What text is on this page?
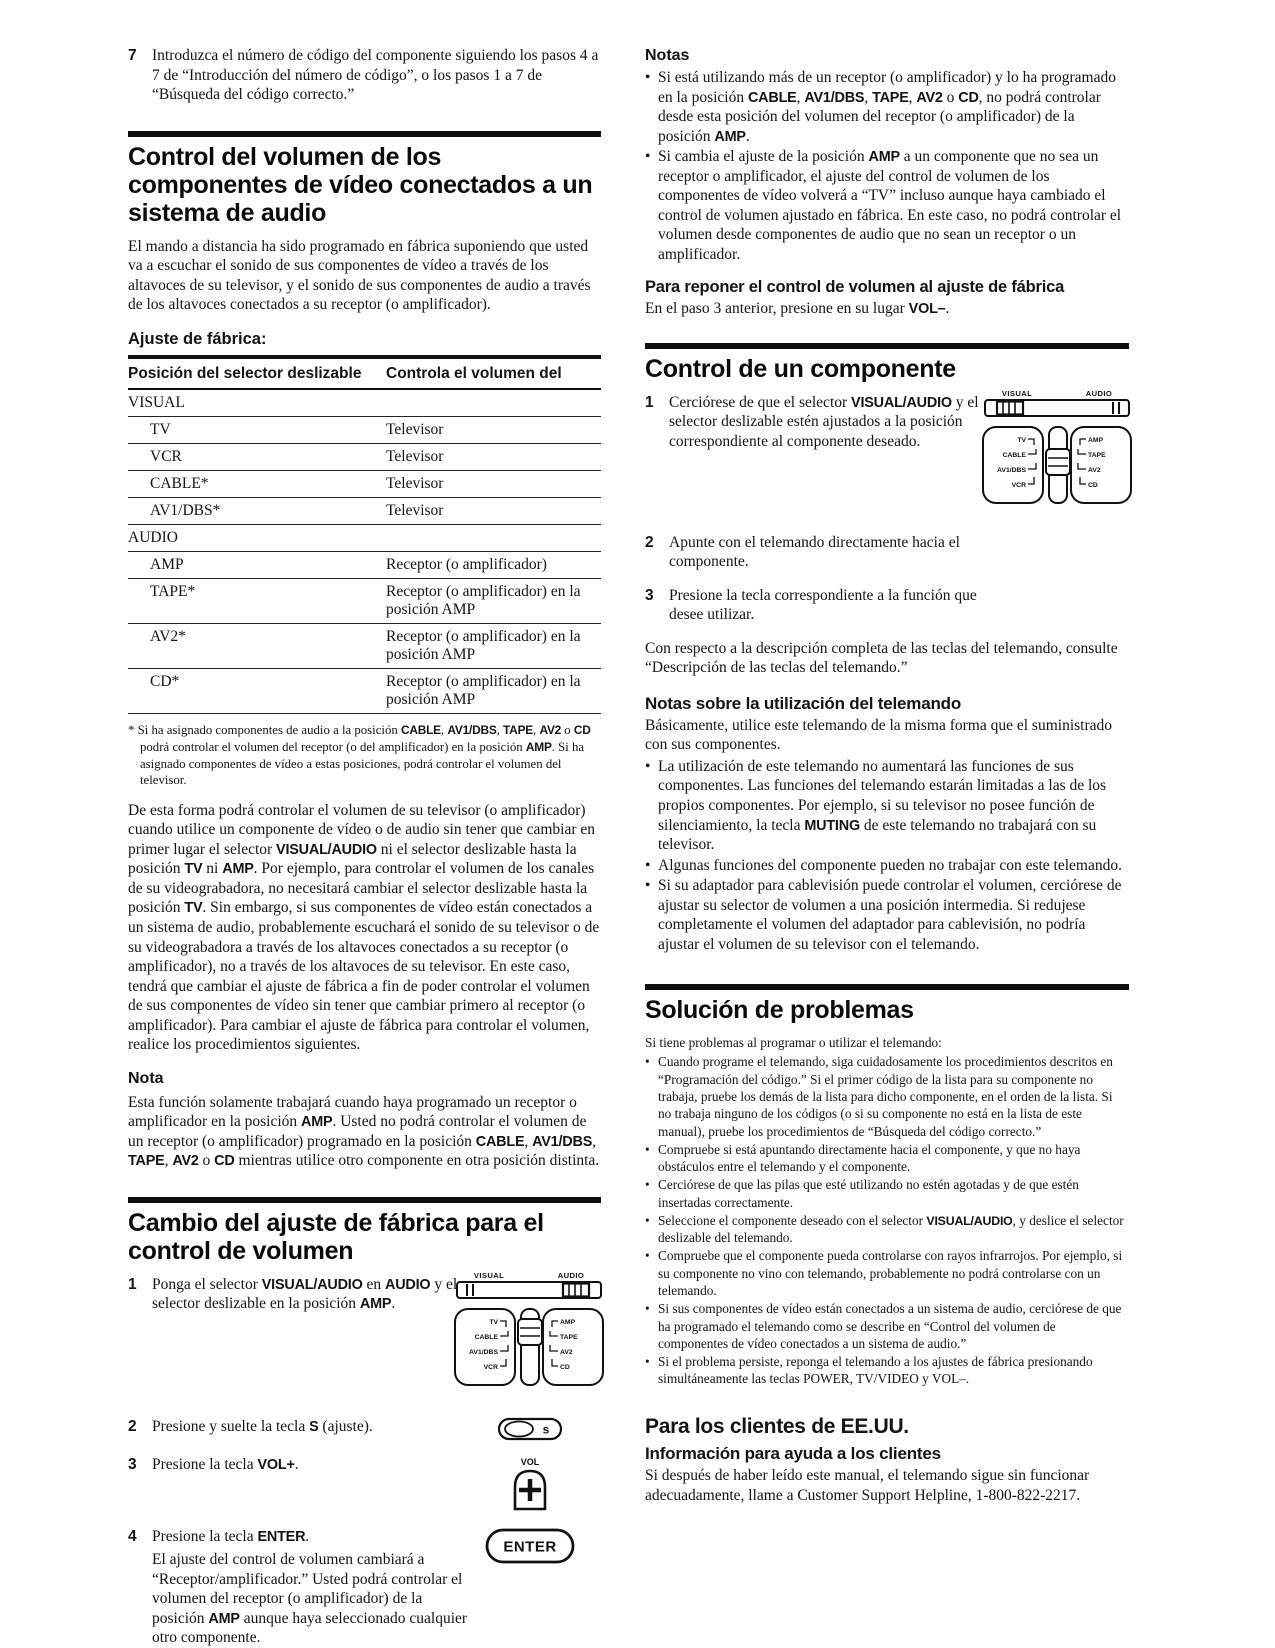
7 Introduzca el número de código del componente siguiendo los pasos 4 a 7 de “Introducción del número de código”, o los pasos 1 a 7 de “Búsqueda del código correcto.”

Control del volumen de los componentes de vídeo conectados a un sistema de audio

El mando a distancia ha sido programado en fábrica suponiendo que usted va a escuchar el sonido de sus componentes de vídeo a través de los altavoces de su televisor, y el sonido de sus componentes de audio a través de los altavoces conectados a su receptor (o amplificador).

Ajuste de fábrica:

Posición del selector deslizable	Controla el volumen del
VISUAL	
TV	Televisor
VCR	Televisor
CABLE*	Televisor
AV1/DBS*	Televisor
AUDIO	
AMP	Receptor (o amplificador)
TAPE*	Receptor (o amplificador) en la posición AMP
AV2*	Receptor (o amplificador) en la posición AMP
CD*	Receptor (o amplificador) en la posición AMP

* Si ha asignado componentes de audio a la posición CABLE, AV1/DBS, TAPE, AV2 o CD podrá controlar el volumen del receptor (o del amplificador) en la posición AMP. Si ha asignado componentes de vídeo a estas posiciones, podrá controlar el volumen del televisor.

De esta forma podrá controlar el volumen de su televisor (o amplificador) cuando utilice un componente de vídeo o de audio sin tener que cambiar en primer lugar el selector VISUAL/AUDIO ni el selector deslizable hasta la posición TV ni AMP. Por ejemplo, para controlar el volumen de los canales de su videograbadora, no necesitará cambiar el selector deslizable hasta la posición TV. Sin embargo, si sus componentes de vídeo están conectados a un sistema de audio, probablemente escuchará el sonido de su televisor o de su videograbadora a través de los altavoces conectados a su receptor (o amplificador), no a través de los altavoces de su televisor. En este caso, tendrá que cambiar el ajuste de fábrica a fin de poder controlar el volumen de sus componentes de vídeo sin tener que cambiar primero al receptor (o amplificador). Para cambiar el ajuste de fábrica para controlar el volumen, realice los procedimientos siguientes.

Nota

Esta función solamente trabajará cuando haya programado un receptor o amplificador en la posición AMP. Usted no podrá controlar el volumen de un receptor (o amplificador) programado en la posición CABLE, AV1/DBS, TAPE, AV2 o CD mientras utilice otro componente en otra posición distinta.

Cambio del ajuste de fábrica para el control de volumen
1 Ponga el selector VISUAL/AUDIO en AUDIO y el selector deslizable en la posición AMP.

VISUAL	AUDIO
TV
CABLE
AV1/DBS
VCR
AMP
TAPE
AV2
CD
2 Presione y suelte la tecla S (ajuste).	s
3 Presione la tecla VOL+.	VOL
4 Presione la tecla ENTER.

El ajuste del control de volumen cambiará a “Receptor/amplificador.” Usted podrá controlar el volumen del receptor (o amplificador) de la posición AMP aunque haya seleccionado cualquier otro componente.

ENTER

Notas

• Si está utilizando más de un receptor (o amplificador) y lo ha programado en la posición CABLE, AV1/DBS, TAPE, AV2 o CD, no podrá controlar desde esta posición del volumen del receptor (o amplificador) de la posición AMP.
• Si cambia el ajuste de la posición AMP a un componente que no sea un receptor o amplificador, el ajuste del control de volumen de los componentes de vídeo volverá a “TV” incluso aunque haya cambiado el control de volumen ajustado en fábrica. En este caso, no podrá controlar el volumen desde componentes de audio que no sean un receptor o un amplificador.
Para reponer el control de volumen al ajuste de fábrica

En el paso 3 anterior, presione en su lugar VOL–.

Control de un componente
1 Cerciórese de que el selector VISUAL/AUDIO y el selector deslizable estén ajustados a la posición correspondiente al componente deseado.

VISUAL	AUDIO
TV
CABLE
AV1/DBS
VCR
AMP
TAPE
AV2
CD
2 Apunte con el telemando directamente hacia el componente.

3 Presione la tecla correspondiente a la función que desee utilizar.

Con respecto a la descripción completa de las teclas del telemando, consulte “Descripción de las teclas del telemando.”

Notas sobre la utilización del telemando

Básicamente, utilice este telemando de la misma forma que el suministrado con sus componentes.

• La utilización de este telemando no aumentará las funciones de sus componentes. Las funciones del telemando estarán limitadas a las de los propios componentes. Por ejemplo, si su televisor no posee función de silenciamiento, la tecla MUTING de este telemando no trabajará con su televisor.
• Algunas funciones del componente pueden no trabajar con este telemando.
• Si su adaptador para cablevisión puede controlar el volumen, cerciórese de ajustar su selector de volumen a una posición intermedia. Si redujese completamente el volumen del adaptador para cablevisión, no podría ajustar el volumen de su televisor con el telemando.
Solución de problemas

Si tiene problemas al programar o utilizar el telemando:

• Cuando programe el telemando, siga cuidadosamente los procedimientos descritos en “Programación del código.” Si el primer código de la lista para su componente no trabaja, pruebe los demás de la lista para dicho componente, en el orden de la lista. Si no trabaja ninguno de los códigos (o si su componente no está en la lista de este manual), pruebe los procedimientos de “Búsqueda del código correcto.”
• Compruebe si está apuntando directamente hacia el componente, y que no haya obstáculos entre el telemando y el componente.
• Cerciórese de que las pilas que esté utilizando no estén agotadas y de que estén insertadas correctamente.
• Seleccione el componente deseado con el selector VISUAL/AUDIO, y deslice el selector deslizable del telemando.
• Compruebe que el componente pueda controlarse con rayos infrarrojos. Por ejemplo, si su componente no vino con telemando, probablemente no podrá controlarse con un telemando.
• Si sus componentes de vídeo están conectados a un sistema de audio, cerciórese de que ha programado el telemando como se describe en “Control del volumen de componentes de vídeo conectados a un sistema de audio.”
• Si el problema persiste, reponga el telemando a los ajustes de fábrica presionando simultáneamente las teclas POWER, TV/VIDEO y VOL–.

Para los clientes de EE.UU.

Información para ayuda a los clientes

Si después de haber leído este manual, el telemando sigue sin funcionar adecuadamente, llame a Customer Support Helpline, 1-800-822-2217.
